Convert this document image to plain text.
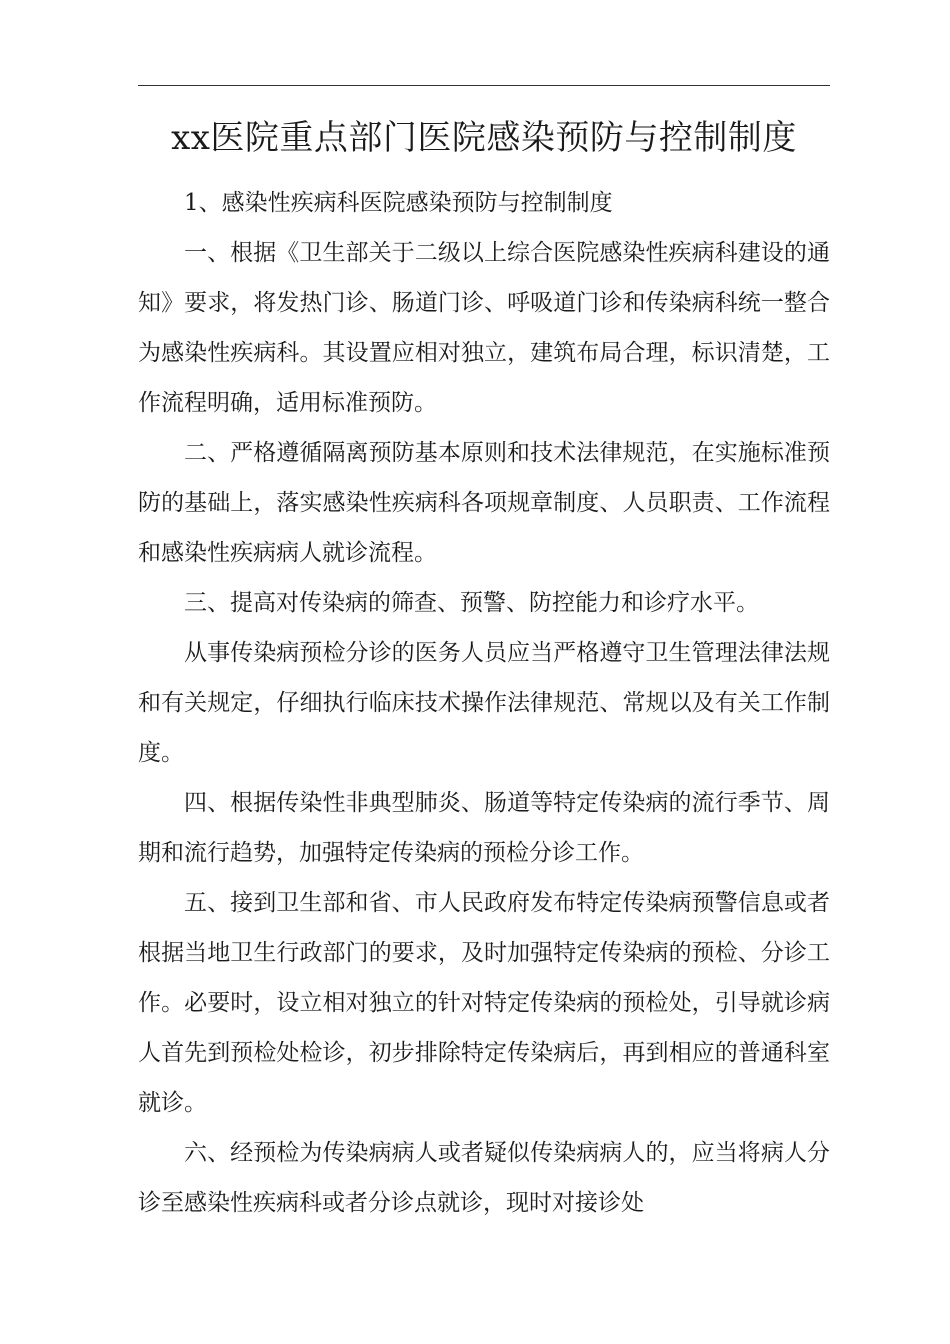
xx医院重点部门医院感染预防与控制制度

1、感染性疾病科医院感染预防与控制制度

一、根据《卫生部关于二级以上综合医院感染性疾病科建设的通知》要求，将发热门诊、肠道门诊、呼吸道门诊和传染病科统一整合为感染性疾病科。其设置应相对独立，建筑布局合理，标识清楚，工作流程明确，适用标准预防。

二、严格遵循隔离预防基本原则和技术法律规范，在实施标准预防的基础上，落实感染性疾病科各项规章制度、人员职责、工作流程和感染性疾病病人就诊流程。

三、提高对传染病的筛查、预警、防控能力和诊疗水平。

从事传染病预检分诊的医务人员应当严格遵守卫生管理法律法规和有关规定，仔细执行临床技术操作法律规范、常规以及有关工作制度。

四、根据传染性非典型肺炎、肠道等特定传染病的流行季节、周期和流行趋势，加强特定传染病的预检分诊工作。

五、接到卫生部和省、市人民政府发布特定传染病预警信息或者根据当地卫生行政部门的要求，及时加强特定传染病的预检、分诊工作。必要时，设立相对独立的针对特定传染病的预检处，引导就诊病人首先到预检处检诊，初步排除特定传染病后，再到相应的普通科室就诊。

六、经预检为传染病病人或者疑似传染病病人的，应当将病人分诊至感染性疾病科或者分诊点就诊，现时对接诊处
